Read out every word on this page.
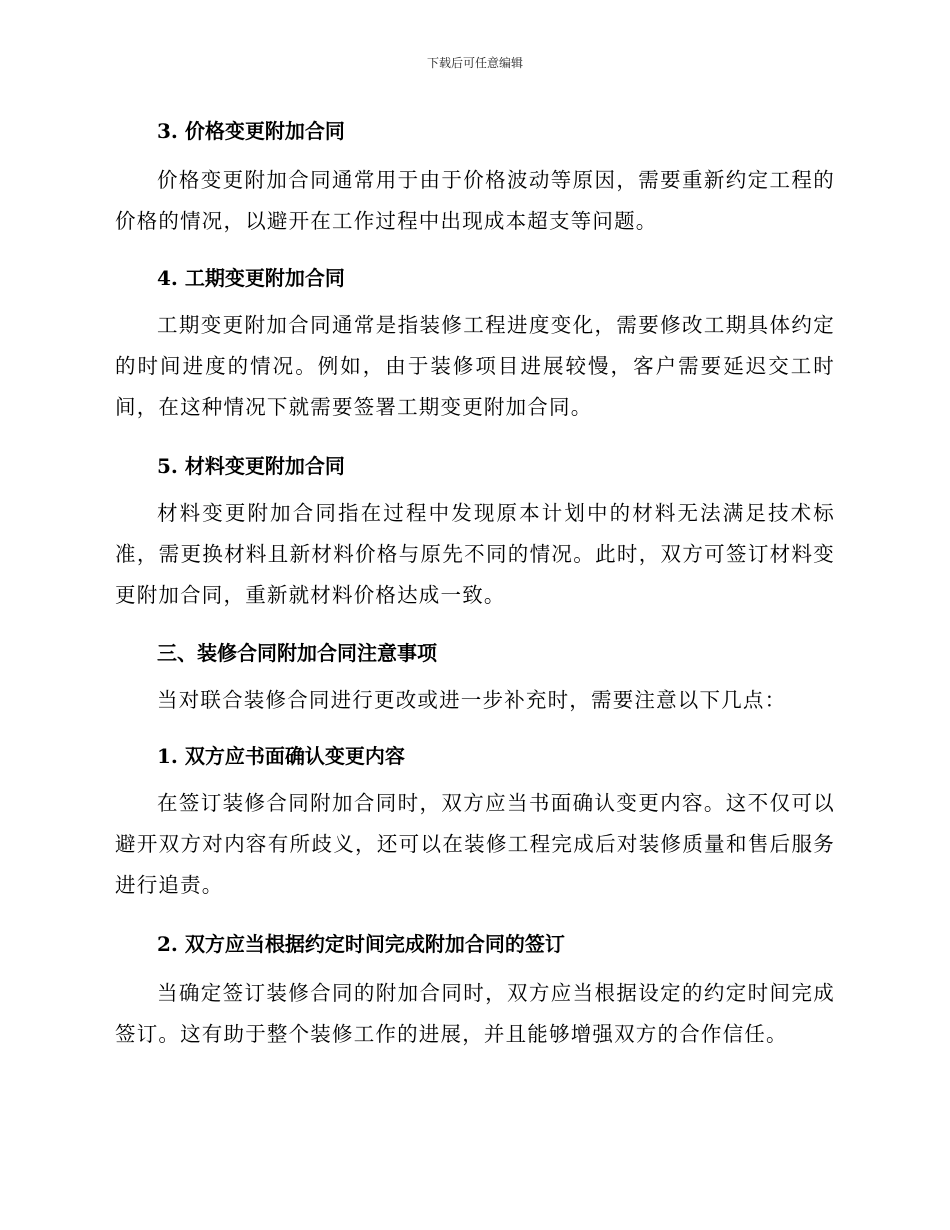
下载后可任意编辑
3. 价格变更附加合同
价格变更附加合同通常用于由于价格波动等原因，需要重新约定工程的价格的情况，以避开在工作过程中出现成本超支等问题。
4. 工期变更附加合同
工期变更附加合同通常是指装修工程进度变化，需要修改工期具体约定的时间进度的情况。例如，由于装修项目进展较慢，客户需要延迟交工时间，在这种情况下就需要签署工期变更附加合同。
5. 材料变更附加合同
材料变更附加合同指在过程中发现原本计划中的材料无法满足技术标准，需更换材料且新材料价格与原先不同的情况。此时，双方可签订材料变更附加合同，重新就材料价格达成一致。
三、装修合同附加合同注意事项
当对联合装修合同进行更改或进一步补充时，需要注意以下几点：
1. 双方应书面确认变更内容
在签订装修合同附加合同时，双方应当书面确认变更内容。这不仅可以避开双方对内容有所歧义，还可以在装修工程完成后对装修质量和售后服务进行追责。
2. 双方应当根据约定时间完成附加合同的签订
当确定签订装修合同的附加合同时，双方应当根据设定的约定时间完成签订。这有助于整个装修工作的进展，并且能够增强双方的合作信任。
